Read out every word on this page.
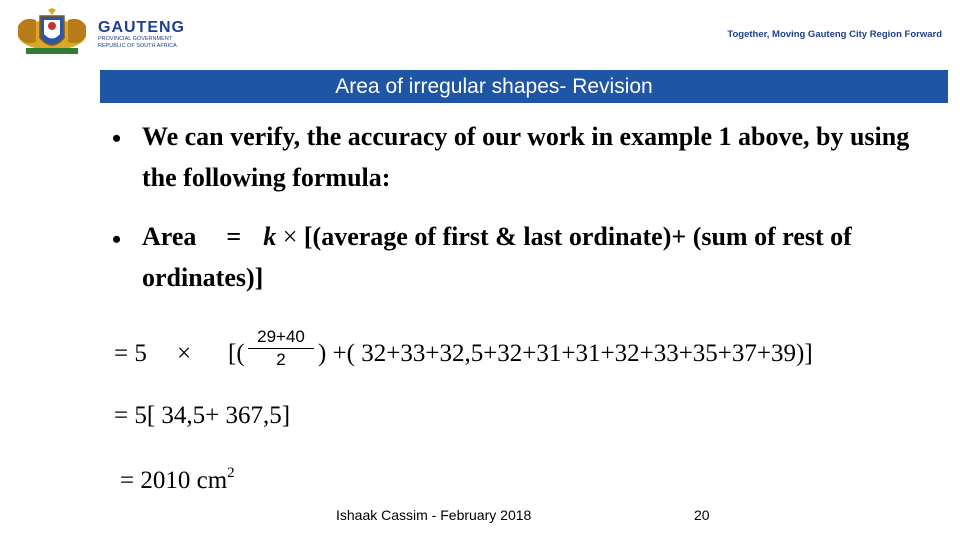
GAUTENG
PROVINCIAL GOVERNMENT
REPUBLIC OF SOUTH AFRICA
Together, Moving Gauteng City Region Forward
Area of irregular shapes- Revision
• We can verify, the accuracy of our work in example 1 above, by using the following formula:
• Area = k × [(average of first & last ordinate)+ (sum of rest of ordinates)]
= 5 × [(
29+40
2	) +( 32+33+32,5+32+31+31+32+33+35+37+39)]
= 5[ 34,5+ 367,5]
= 2010 $cm^2$
Ishaak Cassim - February 2018	20
